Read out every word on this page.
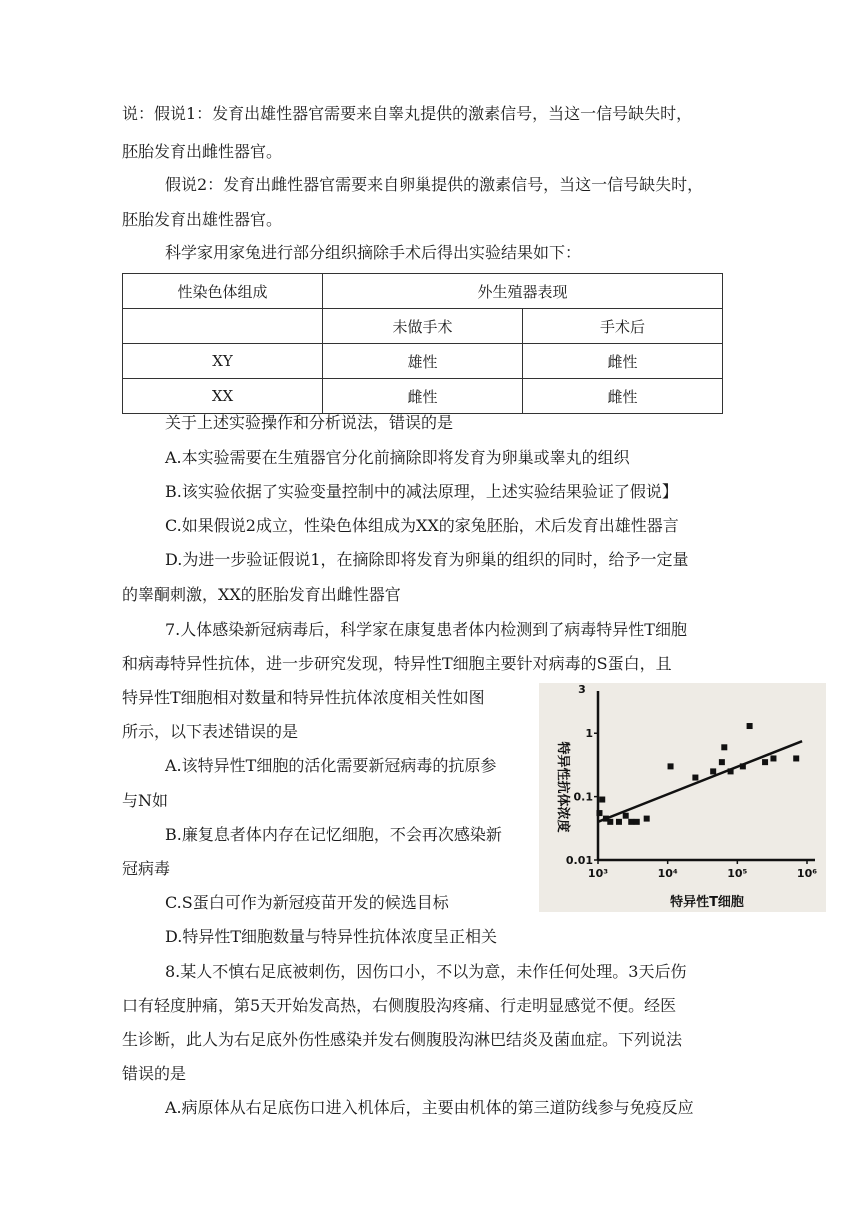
说：假说1：发育出雄性器官需要来自睾丸提供的激素信号，当这一信号缺失时，
胚胎发育出雌性器官。
假说2：发育出雌性器官需要来自卵巢提供的激素信号，当这一信号缺失时，
胚胎发育出雄性器官。
科学家用家兔进行部分组织摘除手术后得出实验结果如下：
性染色体组成	外生殖器表现	
	未做手术	手术后
XY	雄性	雌性
XX	雌性	雌性
关于上述实验操作和分析说法，错误的是
A.本实验需要在生殖器官分化前摘除即将发育为卵巢或睾丸的组织
B.该实验依据了实验变量控制中的减法原理，上述实验结果验证了假说】
C.如果假说2成立，性染色体组成为XX的家兔胚胎，术后发育出雄性器言
D.为进一步验证假说1，在摘除即将发育为卵巢的组织的同时，给予一定量
的睾酮刺激，XX的胚胎发育出雌性器官
7.人体感染新冠病毒后，科学家在康复患者体内检测到了病毒特异性T细胞
和病毒特异性抗体，进一步研究发现，特异性T细胞主要针对病毒的S蛋白，且
特异性T细胞相对数量和特异性抗体浓度相关性如图
所示，以下表述错误的是
A.该特异性T细胞的活化需要新冠病毒的抗原参
与N如
B.廉复息者体内存在记忆细胞，不会再次感染新
冠病毒
C.S蛋白可作为新冠疫苗开发的候选目标
D.特异性T细胞数量与特异性抗体浓度呈正相关
8.某人不慎右足底被刺伤，因伤口小，不以为意，未作任何处理。3天后伤
口有轻度肿痛，第5天开始发高热，右侧腹股沟疼痛、行走明显感觉不便。经医
生诊断，此人为右足底外伤性感染并发右侧腹股沟淋巴结炎及菌血症。下列说法
错误的是
A.病原体从右足底伤口进入机体后，主要由机体的第三道防线参与免疫反应
10³	10⁴	10⁵	10⁶
0.01
0.1
1
特异性抗体浓度
特异性T细胞
3
